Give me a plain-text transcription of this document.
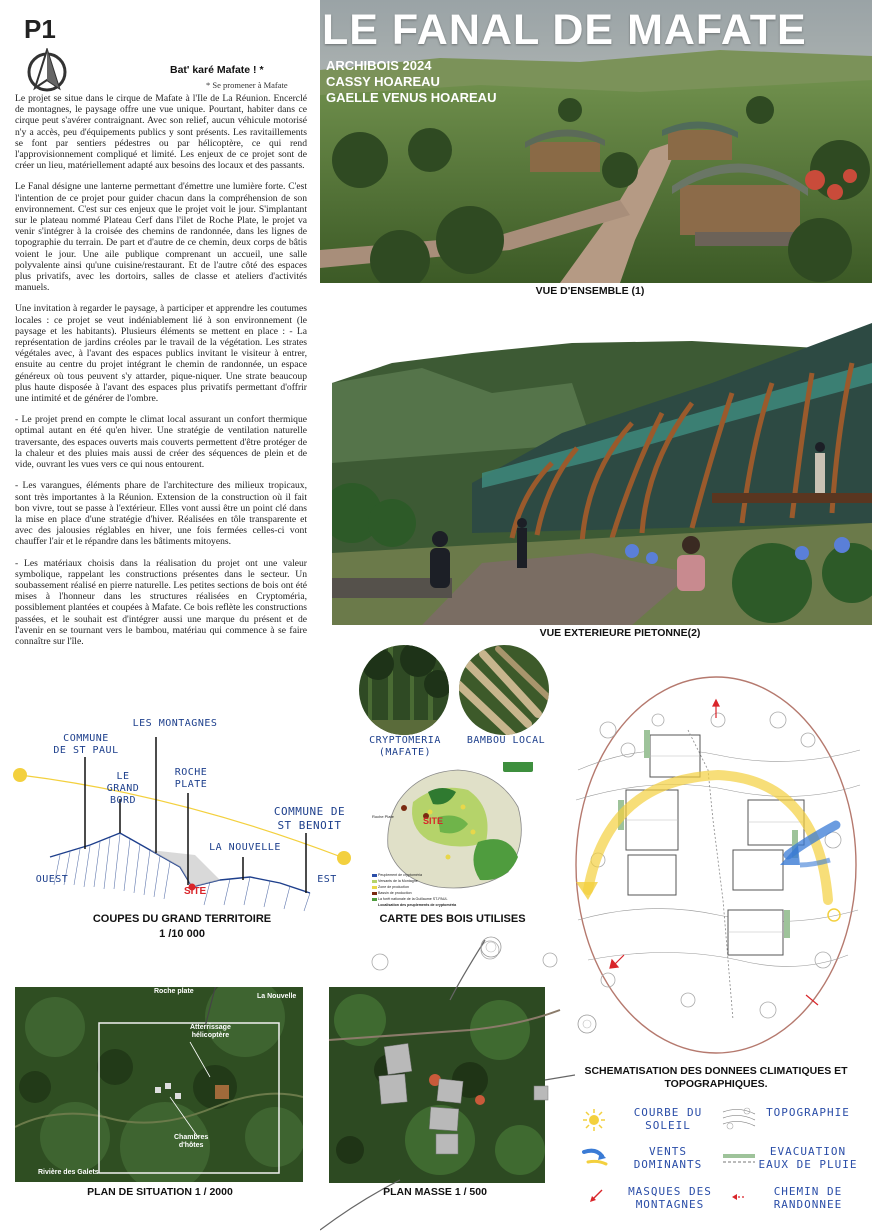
P1
Bat' karé Mafate ! *
* Se promener à Mafate

Le projet se situe dans le cirque de Mafate à l'Ile de La Réunion. Encerclé de montagnes, le paysage offre une vue unique. Pourtant, habiter dans ce cirque peut s'avérer contraignant. Avec son relief, aucun véhicule motorisé n'y a accès, peu d'équipements publics y sont présents. Les ravitaillements se font par sentiers pédestres ou par hélicoptère, ce qui rend l'approvisionnement compliqué et limité. Les enjeux de ce projet sont de créer un lieu, matériellement adapté aux besoins des locaux et des passants.

Le Fanal désigne une lanterne permettant d'émettre une lumière forte. C'est l'intention de ce projet pour guider chacun dans la compréhension de son environnement. C'est sur ces enjeux que le projet voit le jour. S'implantant sur le plateau nommé Plateau Cerf dans l'ilet de Roche Plate, le projet va venir s'intégrer à la croisée des chemins de randonnée, dans les lignes de topographie du terrain. De part et d'autre de ce chemin, deux corps de bâtis voient le jour. Une aile publique comprenant un accueil, une salle polyvalente ainsi qu'une cuisine/restaurant. Et de l'autre côté des espaces plus privatifs, avec les dortoirs, salles de classe et ateliers d'activités manuels.

Une invitation à regarder le paysage, à participer et apprendre les coutumes locales : ce projet se veut indéniablement lié à son environnement (le paysage et les habitants). Plusieurs éléments se mettent en place : - La représentation de jardins créoles par le travail de la végétation. Les strates végétales avec, à l'avant des espaces publics invitant le visiteur à entrer, ensuite au centre du projet intégrant le chemin de randonnée, un espace généreux où tous peuvent s'y attarder, pique-niquer. Une strate beaucoup plus haute disposée à l'avant des espaces plus privatifs permettant d'offrir une intimité et de générer de l'ombre.

- Le projet prend en compte le climat local assurant un confort thermique optimal autant en été qu'en hiver. Une stratégie de ventilation naturelle traversante, des espaces ouverts mais couverts permettent d'être protéger de la chaleur et des pluies mais aussi de créer des séquences de plein et de vide, ouvrant les vues vers ce qui nous entourent.

- Les varangues, éléments phare de l'architecture des milieux tropicaux, sont très importantes à la Réunion. Extension de la construction où il fait bon vivre, tout se passe à l'extérieur. Elles vont aussi être un point clé dans la mise en place d'une stratégie d'hiver. Réalisées en tôle transparente et avec des jalousies réglables en hiver, une fois fermées celles-ci vont chauffer l'air et le répandre dans les bâtiments mitoyens.

- Les matériaux choisis dans la réalisation du projet ont une valeur symbolique, rappelant les constructions présentes dans le secteur. Un soubassement réalisé en pierre naturelle. Les petites sections de bois ont été mises à l'honneur dans les structures réalisées en Cryptoméria, possiblement plantées et coupées à Mafate. Ce bois reflète les constructions passées, et le souhait est d'intégrer aussi une marque du présent et de l'avenir en se tournant vers le bambou, matériau qui commence à se faire connaître sur l'île.

LE FANAL DE MAFATE
ARCHIBOIS 2024
CASSY HOAREAU
GAELLE VENUS HOAREAU
VUE D'ENSEMBLE (1)
VUE EXTERIEURE PIETONNE(2)
COMMUNE
DE ST PAUL
LES MONTAGNES
LE
GRAND
BORD
ROCHE
PLATE
COMMUNE DE
ST BENOIT
LA NOUVELLE
OUEST	EST
SITE
COUPES DU GRAND TERRITOIRE
1 /10 000
CRYPTOMERIA
(MAFATE)
BAMBOU LOCAL
SITE
Roche Plate
Peuplement de cryptoméria
Versants de la Montagne
Zone de production
Bassin de production
La forêt nationale de la Guillaume ST-PAUL
Localisation des peuplements de cryptoméria
CARTE DES BOIS UTILISES
SCHEMATISATION DES DONNEES CLIMATIQUES ET TOPOGRAPHIQUES.
COURBE DU
SOLEIL
TOPOGRAPHIE
VENTS
DOMINANTS
EVACUATION
EAUX DE PLUIE
MASQUES DES
MONTAGNES
CHEMIN DE
RANDONNEE
Roche plate
La Nouvelle
Atterrissage
hélicoptère
Chambres
d'hôtes
Rivière des Galets
PLAN DE SITUATION 1 / 2000	PLAN MASSE 1 / 500
